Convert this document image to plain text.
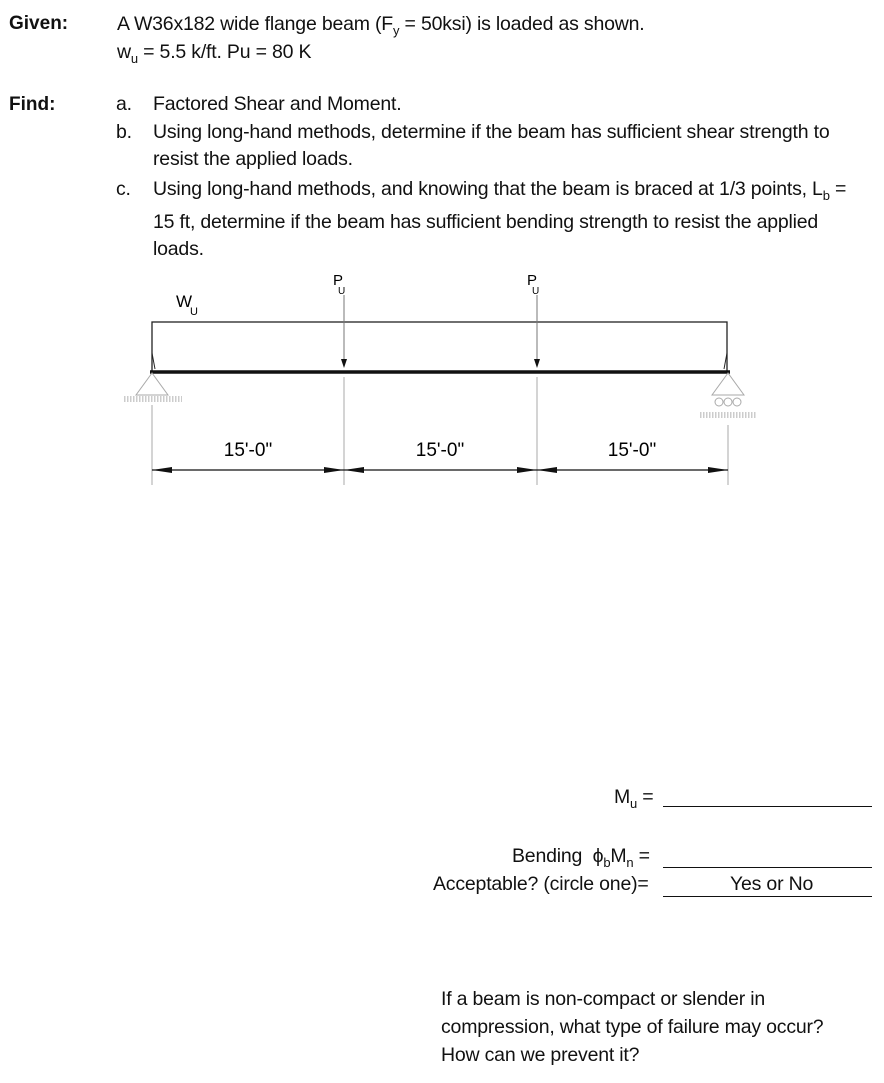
Given:	A W36x182 wide flange beam $(F_y = 50ksi)$ is loaded as shown.
$w_u = 5.5$ k/ft. Pu = 80 K
Find:	a. Factored Shear and Moment.
b. Using long-hand methods, determine if the beam has sufficient shear strength to
resist the applied loads.
c. Using long-hand methods, and knowing that the beam is braced at 1/3 points, $L_b$ =
15 ft, determine if the beam has sufficient bending strength to resist the applied
loads.
W
U
P
U
P
U
15'-0"	15'-0"	15'-0"
$M_u$ =
Bending  $\phi_bM_n$ =
Acceptable? (circle one)=	Yes or No
If a beam is non-compact or slender in
compression, what type of failure may occur?
How can we prevent it?
